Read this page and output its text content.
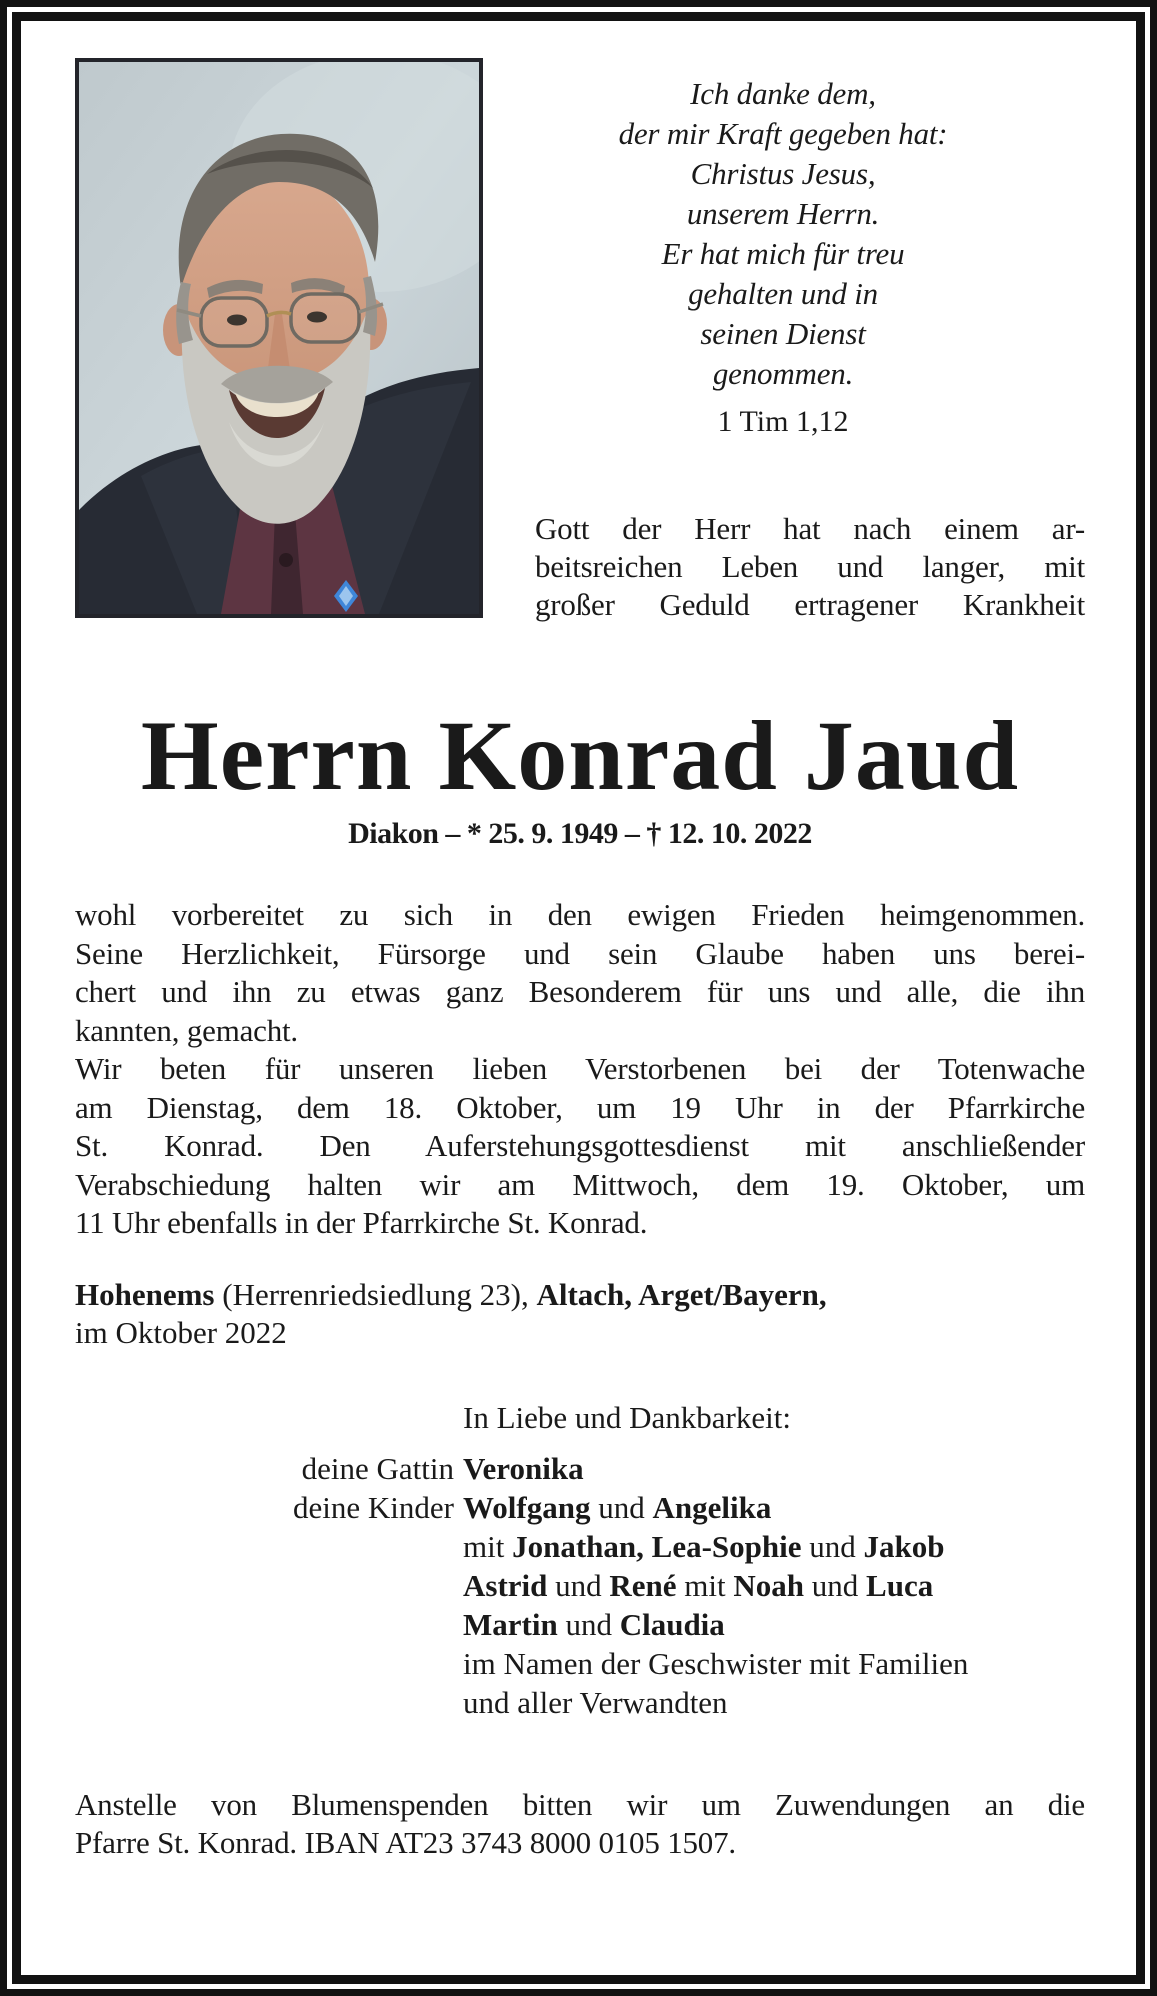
Ich danke dem,
der mir Kraft gegeben hat:
Christus Jesus,
unserem Herrn.
Er hat mich für treu
gehalten und in
seinen Dienst
genommen.
1 Tim 1,12
Gott der Herr hat nach einem ar-
beitsreichen Leben und langer, mit
großer Geduld ertragener Krankheit
Herrn Konrad Jaud
Diakon – * 25. 9. 1949 – † 12. 10. 2022
wohl vorbereitet zu sich in den ewigen Frieden heimgenommen.
Seine Herzlichkeit, Fürsorge und sein Glaube haben uns berei-
chert und ihn zu etwas ganz Besonderem für uns und alle, die ihn
kannten, gemacht.
Wir beten für unseren lieben Verstorbenen bei der Totenwache
am Dienstag, dem 18. Oktober, um 19 Uhr in der Pfarrkirche
St. Konrad. Den Auferstehungsgottesdienst mit anschließender
Verabschiedung halten wir am Mittwoch, dem 19. Oktober, um
11 Uhr ebenfalls in der Pfarrkirche St. Konrad.
Hohenems (Herrenriedsiedlung 23), Altach, Arget/Bayern,
im Oktober 2022
In Liebe und Dankbarkeit:
deine Gattin Veronika
deine Kinder Wolfgang und Angelika
mit Jonathan, Lea-Sophie und Jakob
Astrid und René mit Noah und Luca
Martin und Claudia
im Namen der Geschwister mit Familien
und aller Verwandten
Anstelle von Blumenspenden bitten wir um Zuwendungen an die
Pfarre St. Konrad. IBAN AT23 3743 8000 0105 1507.
